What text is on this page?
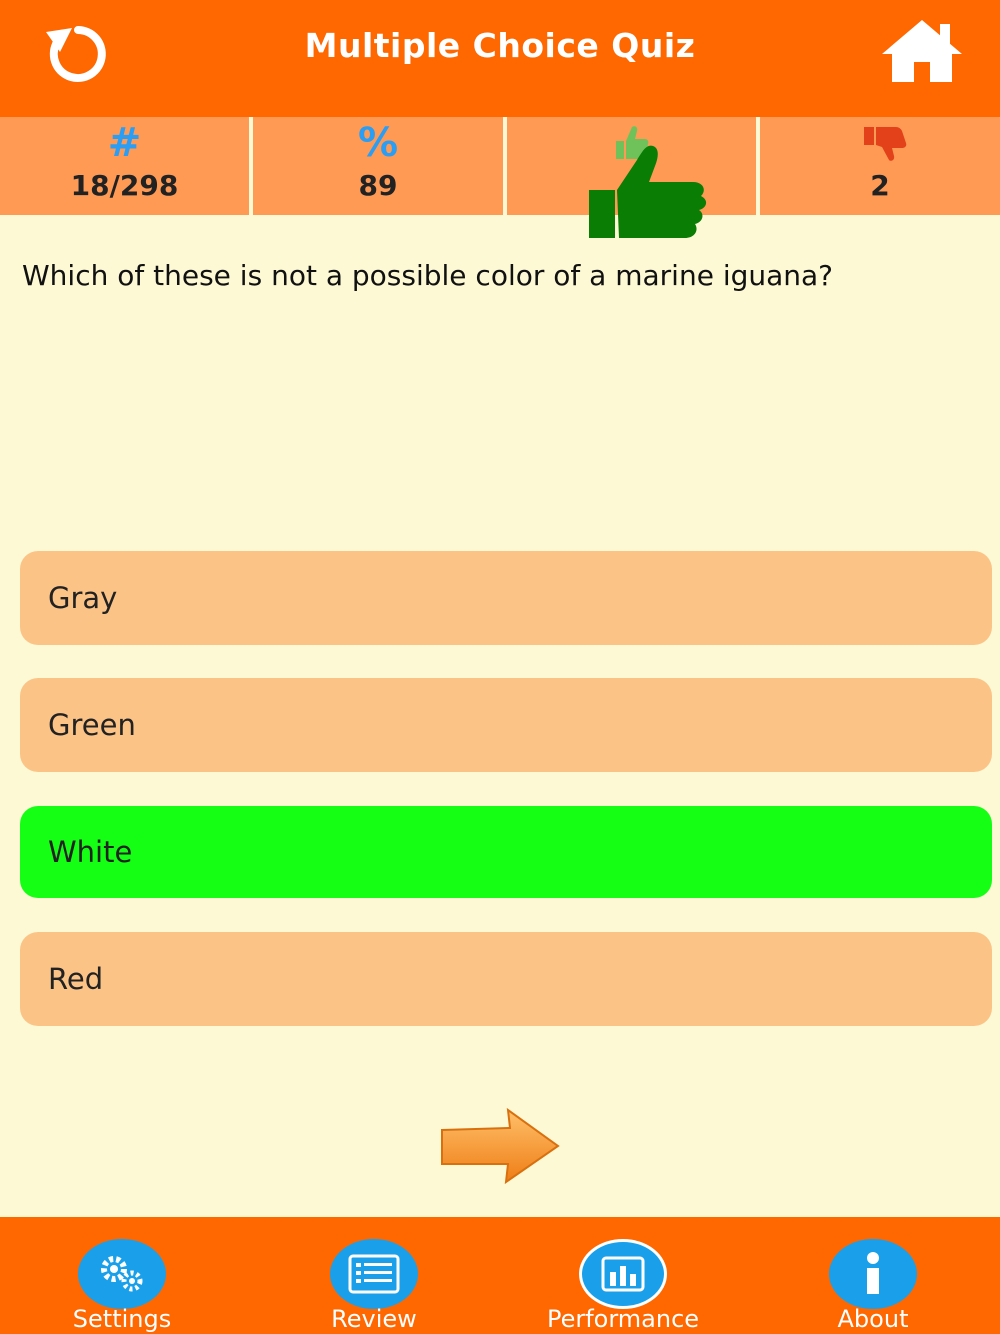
Multiple Choice Quiz
#
18/298
%
89	2
Which of these is not a possible color of a marine iguana?
Gray
Green
White
Red
Settings	Review	Performance	About
